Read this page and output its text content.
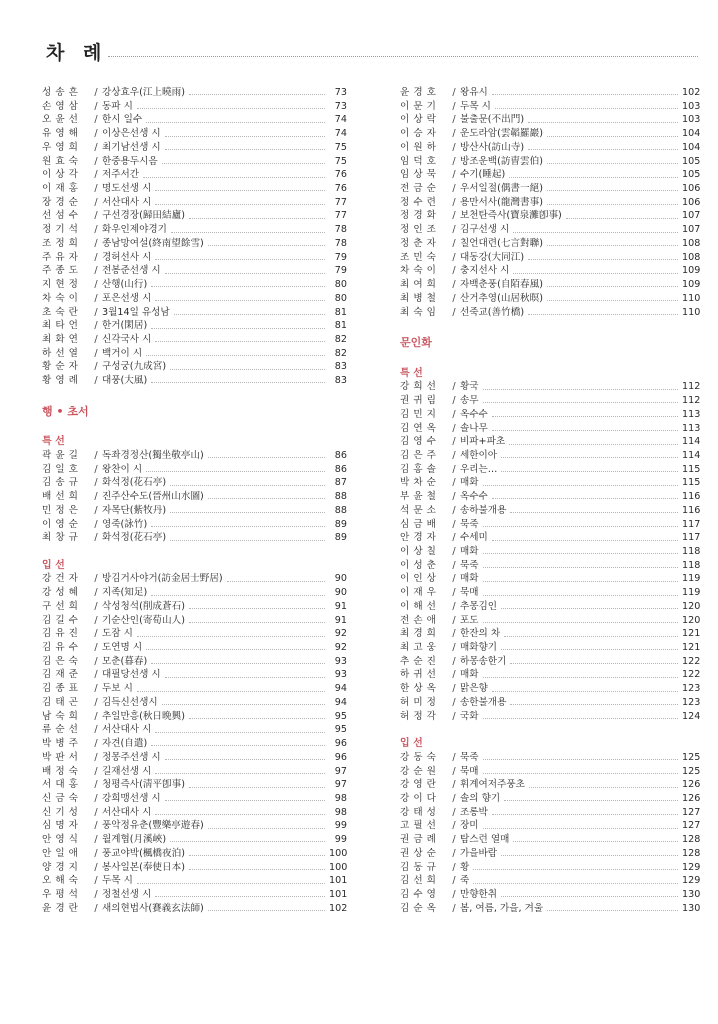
차 례
성 송 흔	/ 강상효우(江上曉雨)	73
손 영 삼	/ 동파 시	73
오 윤 선	/ 한시 일수	74
유 영 해	/ 이상은선생 시	74
우 영 희	/ 최기남선생 시	75
원 효 숙	/ 한중용두시음	75
이 상 각	/ 저주서간	76
이 재 홍	/ 명도선생 시	76
장 경 순	/ 서산대사 시	77
선 섬 수	/ 구선경장(歸田結廬)	77
정 기 석	/ 화우인제야경기	78
조 정 희	/ 종남망여설(終南望餘雪)	78
주 유 자	/ 경허선사 시	79
주 종 도	/ 전봉준선생 시	79
지 현 정	/ 산행(山行)	80
차 숙 이	/ 포은선생 시	80
초 숙 란	/ 3월14일 유성남	81
최 타 언	/ 한거(閑居)	81
최 화 연	/ 신각국사 시	82
하 선 열	/ 백거이 시	82
황 순 자	/ 구성궁(九成宮)	83
황 영 례	/ 대풍(大風)	83
행 • 초서
특 선
곽 윤 길	/ 독좌경정산(獨坐敬亭山)	86
김 일 호	/ 왕찬이 시	86
김 송 규	/ 화석정(花石亭)	87
배 선 희	/ 진주산수도(晉州山水圖)	88
민 정 은	/ 자목단(紫牧丹)	88
이 영 순	/ 영죽(詠竹)	89
최 창 규	/ 화석정(花石亭)	89
입 선
강 건 자	/ 방김거사야거(訪金居士野居)	90
강 성 혜	/ 지족(知足)	90
구 선 희	/ 삭성청석(削成蒼石)	91
김 길 수	/ 기순산인(寄荀山人)	91
김 유 진	/ 도잠 시	92
김 유 수	/ 도연명 시	92
김 은 숙	/ 모춘(暮春)	93
김 재 준	/ 대필당선생 시	93
김 종 표	/ 두보 시	94
김 태 곤	/ 김득신선생시	94
남 숙 희	/ 추일만흥(秋日晩興)	95
류 순 선	/ 서산대사 시	95
박 병 주	/ 자견(自遣)	96
박 판 서	/ 정몽주선생 시	96
배 정 숙	/ 길재선생 시	97
서 대 홍	/ 청평즉사(淸平卽事)	97
신 금 숙	/ 강희맹선생 시	98
신 기 성	/ 서산대사 시	98
심 명 자	/ 풍악정유춘(豐樂亭遊春)	99
안 영 식	/ 월계협(月溪峽)	99
안 일 애	/ 풍교야박(楓橋夜泊)	100
양 경 지	/ 봉사일본(奉使日本)	100
오 해 숙	/ 두목 시	101
우 평 석	/ 정철선생 시	101
윤 경 란	/ 새의현법사(賽義玄法師)	102
윤 경 호	/ 왕유시	102
이 문 기	/ 두목 시	103
이 상 락	/ 불출문(不出門)	103
이 승 자	/ 운도라암(雲韜羅巖)	104
이 원 하	/ 방산사(訪山寺)	104
임 덕 호	/ 방조운백(訪曺雲伯)	105
임 상 묵	/ 수기(睡起)	105
전 금 순	/ 우서일절(偶書一絕)	106
정 수 련	/ 용만서사(龍灣書事)	106
정 경 화	/ 보천탄즉사(寶泉灘卽事)	107
정 인 조	/ 김구선생 시	107
정 춘 자	/ 칠언대련(七言對聯)	108
조 민 숙	/ 대동강(大同江)	108
차 숙 이	/ 충지선사 시	109
최 여 희	/ 자백춘풍(自陌春風)	109
최 병 철	/ 산거추영(山居秋暝)	110
최 숙 임	/ 선죽교(善竹橋)	110
문인화
특 선
강 희 선	/ 황국	112
권 귀 림	/ 송무	112
김 민 지	/ 옥수수	113
김 연 옥	/ 솔나무	113
김 영 수	/ 비파+파초	114
김 은 주	/ 세한이아	114
김 홍 솔	/ 우리는…	115
박 차 순	/ 매화	115
부 윤 철	/ 옥수수	116
석 문 소	/ 송하불개용	116
심 금 배	/ 묵죽	117
안 경 자	/ 수세미	117
이 상 칠	/ 매화	118
이 성 춘	/ 묵죽	118
이 인 상	/ 매화	119
이 재 우	/ 묵매	119
이 해 선	/ 추몽김인	120
전 손 애	/ 포도	120
최 경 희	/ 한잔의 차	121
최 고 웅	/ 매화향기	121
추 순 진	/ 하몽송한기	122
하 귀 선	/ 매화	122
한 상 옥	/ 맑은향	123
허 미 정	/ 송한불개용	123
허 정 각	/ 국화	124
입 선
강 동 숙	/ 묵죽	125
강 순 원	/ 묵매	125
강 영 란	/ 휘계여저주풍초	126
강 이 다	/ 솔의 향기	126
강 태 성	/ 조롱박	127
고 필 선	/ 장미	127
권 금 례	/ 탐스런 열매	128
권 상 순	/ 가을바람	128
김 동 규	/ 황	129
김 선 희	/ 죽	129
김 수 영	/ 만향한취	130
김 순 옥	/ 봄, 여름, 가을, 겨울	130
